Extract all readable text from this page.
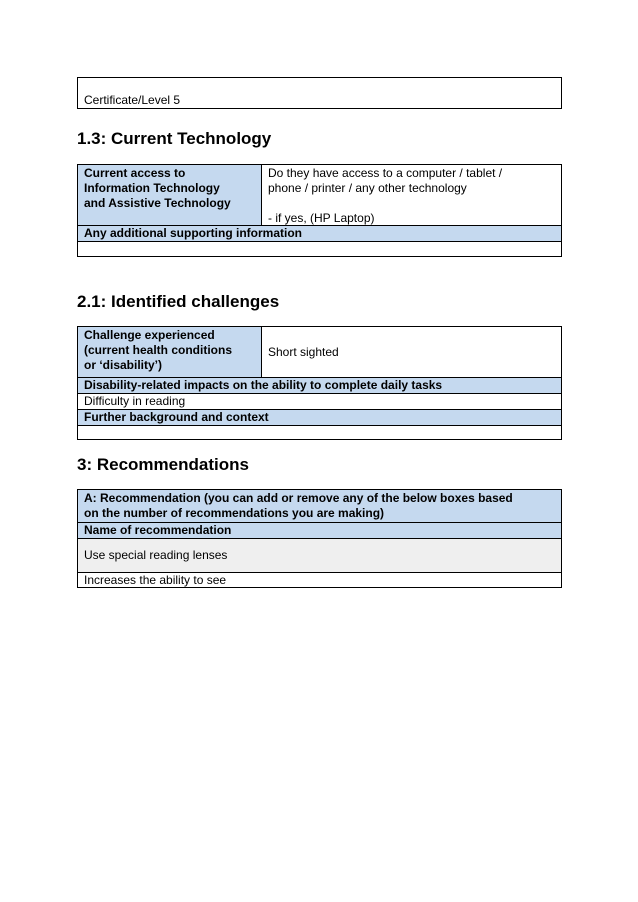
Certificate/Level 5
1.3: Current Technology
Current access to
Information Technology
and Assistive Technology
Do they have access to a computer / tablet /
phone / printer / any other technology
- if yes, (HP Laptop)
Any additional supporting information
2.1: Identified challenges
Challenge experienced
(current health conditions
or ‘disability’)
Short sighted
Disability-related impacts on the ability to complete daily tasks
Difficulty in reading
Further background and context
3: Recommendations
A: Recommendation (you can add or remove any of the below boxes based
on the number of recommendations you are making)
Name of recommendation
Use special reading lenses
Increases the ability to see
